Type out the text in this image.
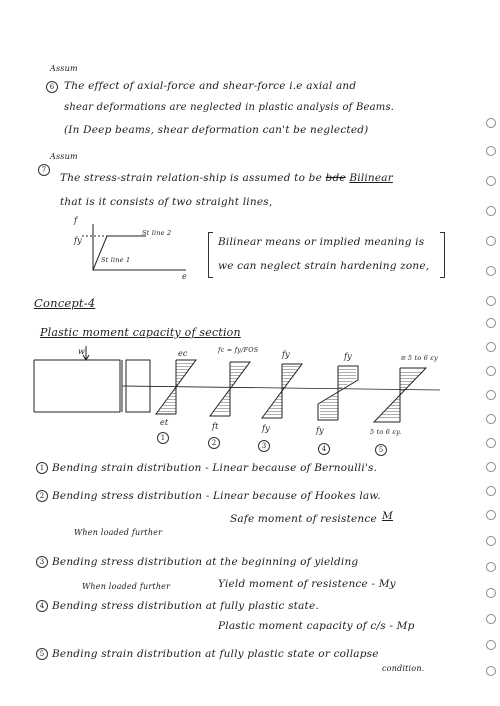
Assum
6 The effect of axial-force and shear-force i.e axial and
shear deformations are neglected in plastic analysis of Beams.
(In Deep beams, shear deformation can't be neglected)
Assum
7
The stress-strain relation-ship is assumed to be bde Bilinear
that is it consists of two straight lines,
f
fy
e
St line 2
St line 1
Bilinear means or implied meaning is
we can neglect strain hardening zone,
Concept-4
Plastic moment capacity of section
w	ec	fc = fy/FOS	fy	fy	≅ 5 to 6 εy
et	ft	fy	fy	5 to 6 εy.
1
2	3	4	5
1 Bending strain distribution - Linear because of Bernoulli's.
2 Bending stress distribution - Linear because of Hookes law.
Safe moment of resistence M
When loaded further
3 Bending stress distribution at the beginning of yielding
When loaded further	Yield moment of resistence - My
4 Bending stress distribution at fully plastic state.
Plastic moment capacity of c/s - Mp
5 Bending strain distribution at fully plastic state or collapse
condition.
